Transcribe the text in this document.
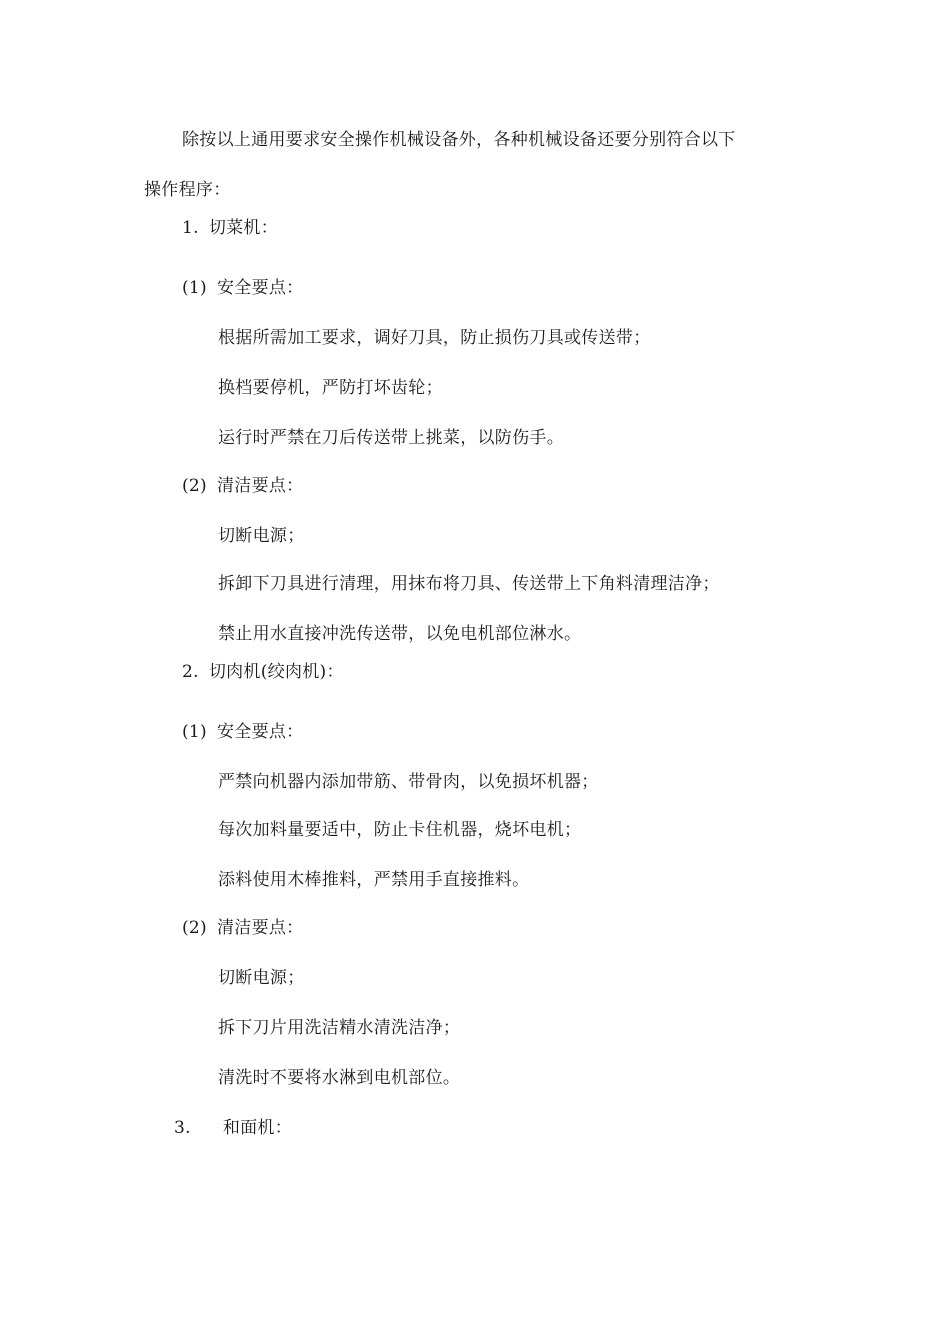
除按以上通用要求安全操作机械设备外，各种机械设备还要分别符合以下
操作程序：
1. 切菜机：
(1) 安全要点：
根据所需加工要求，调好刀具，防止损伤刀具或传送带；
换档要停机，严防打坏齿轮；
运行时严禁在刀后传送带上挑菜，以防伤手。
(2) 清洁要点：
切断电源；
拆卸下刀具进行清理，用抹布将刀具、传送带上下角料清理洁净；
禁止用水直接冲洗传送带，以免电机部位淋水。
2. 切肉机(绞肉机)：
(1) 安全要点：
严禁向机器内添加带筋、带骨肉，以免损坏机器；
每次加料量要适中，防止卡住机器，烧坏电机；
添料使用木棒推料，严禁用手直接推料。
(2) 清洁要点：
切断电源；
拆下刀片用洗洁精水清洗洁净；
清洗时不要将水淋到电机部位。
3. 和面机：
